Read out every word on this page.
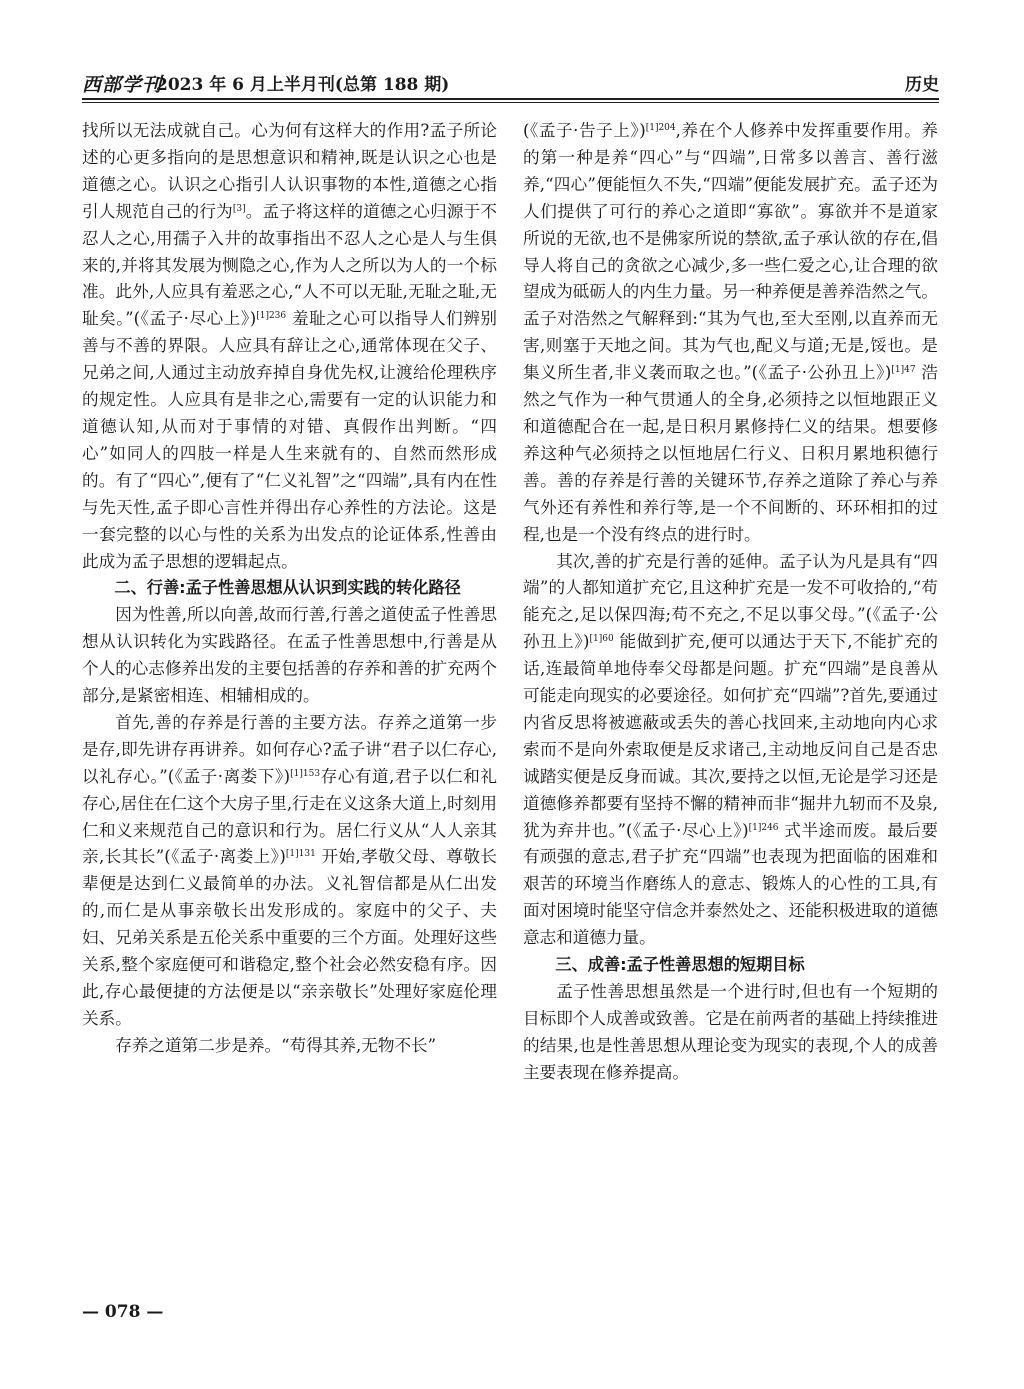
西部学刊
2023 年 6 月上半月刊(总第 188 期)	历史

找所以无法成就自己。心为何有这样大的作用?孟子所论述的心更多指向的是思想意识和精神,既是认识之心也是道德之心。认识之心指引人认识事物的本性,道德之心指引人规范自己的行为[3]。孟子将这样的道德之心归源于不忍人之心,用孺子入井的故事指出不忍人之心是人与生俱来的,并将其发展为恻隐之心,作为人之所以为人的一个标准。此外,人应具有羞恶之心,“人不可以无耻,无耻之耻,无耻矣。”(《孟子·尽心上》)$^{[1]236}$ 羞耻之心可以指导人们辨别善与不善的界限。人应具有辞让之心,通常体现在父子、兄弟之间,人通过主动放弃掉自身优先权,让渡给伦理秩序的规定性。人应具有是非之心,需要有一定的认识能力和道德认知,从而对于事情的对错、真假作出判断。“四心”如同人的四肢一样是人生来就有的、自然而然形成的。有了“四心”,便有了“仁义礼智”之“四端”,具有内在性与先天性,孟子即心言性并得出存心养性的方法论。这是一套完整的以心与性的关系为出发点的论证体系,性善由此成为孟子思想的逻辑起点。

二、行善:孟子性善思想从认识到实践的转化路径

因为性善,所以向善,故而行善,行善之道使孟子性善思想从认识转化为实践路径。在孟子性善思想中,行善是从个人的心志修养出发的主要包括善的存养和善的扩充两个部分,是紧密相连、相辅相成的。

首先,善的存养是行善的主要方法。存养之道第一步是存,即先讲存再讲养。如何存心?孟子讲“君子以仁存心,以礼存心。”(《孟子·离娄下》)$^{[1]153}$存心有道,君子以仁和礼存心,居住在仁这个大房子里,行走在义这条大道上,时刻用仁和义来规范自己的意识和行为。居仁行义从“人人亲其亲,长其长”(《孟子·离娄上》)$^{[1]131}$ 开始,孝敬父母、尊敬长辈便是达到仁义最简单的办法。义礼智信都是从仁出发的,而仁是从事亲敬长出发形成的。家庭中的父子、夫妇、兄弟关系是五伦关系中重要的三个方面。处理好这些关系,整个家庭便可和谐稳定,整个社会必然安稳有序。因此,存心最便捷的方法便是以“亲亲敬长”处理好家庭伦理关系。

存养之道第二步是养。“苟得其养,无物不长”

(《孟子·告子上》)$^{[1]204}$,养在个人修养中发挥重要作用。养的第一种是养“四心”与“四端”,日常多以善言、善行滋养,“四心”便能恒久不失,“四端”便能发展扩充。孟子还为人们提供了可行的养心之道即“寡欲”。寡欲并不是道家所说的无欲,也不是佛家所说的禁欲,孟子承认欲的存在,倡导人将自己的贪欲之心减少,多一些仁爱之心,让合理的欲望成为砥砺人的内生力量。另一种养便是善养浩然之气。孟子对浩然之气解释到:“其为气也,至大至刚,以直养而无害,则塞于天地之间。其为气也,配义与道;无是,馁也。是集义所生者,非义袭而取之也。”(《孟子·公孙丑上》)$^{[1]47}$ 浩然之气作为一种气贯通人的全身,必须持之以恒地跟正义和道德配合在一起,是日积月累修持仁义的结果。想要修养这种气必须持之以恒地居仁行义、日积月累地积德行善。善的存养是行善的关键环节,存养之道除了养心与养气外还有养性和养行等,是一个不间断的、环环相扣的过程,也是一个没有终点的进行时。

其次,善的扩充是行善的延伸。孟子认为凡是具有“四端”的人都知道扩充它,且这种扩充是一发不可收拾的,“苟能充之,足以保四海;苟不充之,不足以事父母。”(《孟子·公孙丑上》)$^{[1]60}$ 能做到扩充,便可以通达于天下,不能扩充的话,连最简单地侍奉父母都是问题。扩充“四端”是良善从可能走向现实的必要途径。如何扩充“四端”?首先,要通过内省反思将被遮蔽或丢失的善心找回来,主动地向内心求索而不是向外索取便是反求诸己,主动地反问自己是否忠诚踏实便是反身而诚。其次,要持之以恒,无论是学习还是道德修养都要有坚持不懈的精神而非“掘井九轫而不及泉,犹为弃井也。”(《孟子·尽心上》)$^{[1]246}$ 式半途而废。最后要有顽强的意志,君子扩充“四端”也表现为把面临的困难和艰苦的环境当作磨练人的意志、锻炼人的心性的工具,有面对困境时能坚守信念并泰然处之、还能积极进取的道德意志和道德力量。

三、成善:孟子性善思想的短期目标

孟子性善思想虽然是一个进行时,但也有一个短期的目标即个人成善或致善。它是在前两者的基础上持续推进的结果,也是性善思想从理论变为现实的表现,个人的成善主要表现在修养提高。

— 078 —
